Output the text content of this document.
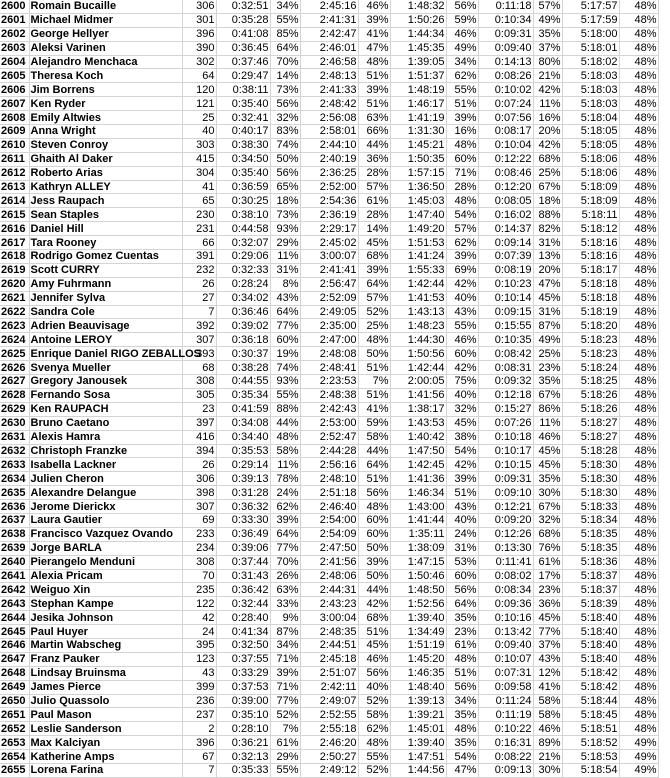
2600	Romain Bucaille	306	0:32:51	34%	2:45:16	46%	1:48:32	56%	0:11:18	57%	5:17:57	48%
2601	Michael Midmer	301	0:35:28	55%	2:41:31	39%	1:50:26	59%	0:10:34	49%	5:17:59	48%
2602	George Hellyer	396	0:41:08	85%	2:42:47	41%	1:44:34	46%	0:09:31	35%	5:18:00	48%
2603	Aleksi Varinen	390	0:36:45	64%	2:46:01	47%	1:45:35	49%	0:09:40	37%	5:18:01	48%
2604	Alejandro Menchaca	302	0:37:46	70%	2:46:58	48%	1:39:05	34%	0:14:13	80%	5:18:02	48%
2605	Theresa Koch	64	0:29:47	14%	2:48:13	51%	1:51:37	62%	0:08:26	21%	5:18:03	48%
2606	Jim Borrens	120	0:38:11	73%	2:41:33	39%	1:48:19	55%	0:10:02	42%	5:18:03	48%
2607	Ken Ryder	121	0:35:40	56%	2:48:42	51%	1:46:17	51%	0:07:24	11%	5:18:03	48%
2608	Emily Altwies	25	0:32:41	32%	2:56:08	63%	1:41:19	39%	0:07:56	16%	5:18:04	48%
2609	Anna Wright	40	0:40:17	83%	2:58:01	66%	1:31:30	16%	0:08:17	20%	5:18:05	48%
2610	Steven Conroy	303	0:38:30	74%	2:44:10	44%	1:45:21	48%	0:10:04	42%	5:18:05	48%
2611	Ghaith Al Daker	415	0:34:50	50%	2:40:19	36%	1:50:35	60%	0:12:22	68%	5:18:06	48%
2612	Roberto Arias	304	0:35:40	56%	2:36:25	28%	1:57:15	71%	0:08:46	25%	5:18:06	48%
2613	Kathryn ALLEY	41	0:36:59	65%	2:52:00	57%	1:36:50	28%	0:12:20	67%	5:18:09	48%
2614	Jess Raupach	65	0:30:25	18%	2:54:36	61%	1:45:03	48%	0:08:05	18%	5:18:09	48%
2615	Sean Staples	230	0:38:10	73%	2:36:19	28%	1:47:40	54%	0:16:02	88%	5:18:11	48%
2616	Daniel Hill	231	0:44:58	93%	2:29:17	14%	1:49:20	57%	0:14:37	82%	5:18:12	48%
2617	Tara Rooney	66	0:32:07	29%	2:45:02	45%	1:51:53	62%	0:09:14	31%	5:18:16	48%
2618	Rodrigo Gomez Cuentas	391	0:29:06	11%	3:00:07	68%	1:41:24	39%	0:07:39	13%	5:18:16	48%
2619	Scott CURRY	232	0:32:33	31%	2:41:41	39%	1:55:33	69%	0:08:19	20%	5:18:17	48%
2620	Amy Fuhrmann	26	0:28:24	8%	2:56:47	64%	1:42:44	42%	0:10:23	47%	5:18:18	48%
2621	Jennifer Sylva	27	0:34:02	43%	2:52:09	57%	1:41:53	40%	0:10:14	45%	5:18:18	48%
2622	Sandra Cole	7	0:36:46	64%	2:49:05	52%	1:43:13	43%	0:09:15	31%	5:18:19	48%
2623	Adrien Beauvisage	392	0:39:02	77%	2:35:00	25%	1:48:23	55%	0:15:55	87%	5:18:20	48%
2624	Antoine LEROY	307	0:36:18	60%	2:47:00	48%	1:44:30	46%	0:10:35	49%	5:18:23	48%
2625	Enrique Daniel RIGO ZEBALLOS	393	0:30:37	19%	2:48:08	50%	1:50:56	60%	0:08:42	25%	5:18:23	48%
2626	Svenya Mueller	68	0:38:28	74%	2:48:41	51%	1:42:44	42%	0:08:31	23%	5:18:24	48%
2627	Gregory Janousek	308	0:44:55	93%	2:23:53	7%	2:00:05	75%	0:09:32	35%	5:18:25	48%
2628	Fernando Sosa	305	0:35:34	55%	2:48:38	51%	1:41:56	40%	0:12:18	67%	5:18:26	48%
2629	Ken RAUPACH	23	0:41:59	88%	2:42:43	41%	1:38:17	32%	0:15:27	86%	5:18:26	48%
2630	Bruno Caetano	397	0:34:08	44%	2:53:00	59%	1:43:53	45%	0:07:26	11%	5:18:27	48%
2631	Alexis Hamra	416	0:34:40	48%	2:52:47	58%	1:40:42	38%	0:10:18	46%	5:18:27	48%
2632	Christoph Franzke	394	0:35:53	58%	2:44:28	44%	1:47:50	54%	0:10:17	45%	5:18:28	48%
2633	Isabella Lackner	26	0:29:14	11%	2:56:16	64%	1:42:45	42%	0:10:15	45%	5:18:30	48%
2634	Julien Cheron	306	0:39:13	78%	2:48:10	51%	1:41:36	39%	0:09:31	35%	5:18:30	48%
2635	Alexandre Delangue	398	0:31:28	24%	2:51:18	56%	1:46:34	51%	0:09:10	30%	5:18:30	48%
2636	Jerome Dierickx	307	0:36:32	62%	2:46:40	48%	1:43:00	43%	0:12:21	67%	5:18:33	48%
2637	Laura Gautier	69	0:33:30	39%	2:54:00	60%	1:41:44	40%	0:09:20	32%	5:18:34	48%
2638	Francisco Vazquez Ovando	233	0:36:49	64%	2:54:09	60%	1:35:11	24%	0:12:26	68%	5:18:35	48%
2639	Jorge BARLA	234	0:39:06	77%	2:47:50	50%	1:38:09	31%	0:13:30	76%	5:18:35	48%
2640	Pierangelo Menduni	308	0:37:44	70%	2:41:56	39%	1:47:15	53%	0:11:41	61%	5:18:36	48%
2641	Alexia Pricam	70	0:31:43	26%	2:48:06	50%	1:50:46	60%	0:08:02	17%	5:18:37	48%
2642	Weiguo Xin	235	0:36:42	63%	2:44:31	44%	1:48:50	56%	0:08:34	23%	5:18:37	48%
2643	Stephan Kampe	122	0:32:44	33%	2:43:23	42%	1:52:56	64%	0:09:36	36%	5:18:39	48%
2644	Jesika Johnson	42	0:28:40	9%	3:00:04	68%	1:39:40	35%	0:10:16	45%	5:18:40	48%
2645	Paul Huyer	24	0:41:34	87%	2:48:35	51%	1:34:49	23%	0:13:42	77%	5:18:40	48%
2646	Martin Wabscheg	395	0:32:50	34%	2:44:51	45%	1:51:19	61%	0:09:40	37%	5:18:40	48%
2647	Franz Pauker	123	0:37:55	71%	2:45:18	46%	1:45:20	48%	0:10:07	43%	5:18:40	48%
2648	Lindsay Bruinsma	43	0:33:29	39%	2:51:07	56%	1:46:35	51%	0:07:31	12%	5:18:42	48%
2649	James Pierce	399	0:37:53	71%	2:42:11	40%	1:48:40	56%	0:09:58	41%	5:18:42	48%
2650	Julio Quassolo	236	0:39:00	77%	2:49:07	52%	1:39:13	34%	0:11:24	58%	5:18:44	48%
2651	Paul Mason	237	0:35:10	52%	2:52:55	58%	1:39:21	35%	0:11:19	58%	5:18:45	48%
2652	Leslie Sanderson	2	0:28:10	7%	2:55:18	62%	1:45:01	48%	0:10:22	46%	5:18:51	48%
2653	Max Kalciyan	396	0:36:21	61%	2:46:20	48%	1:39:40	35%	0:16:31	89%	5:18:52	49%
2654	Katherine Amps	67	0:32:13	29%	2:50:27	55%	1:47:51	54%	0:08:22	21%	5:18:53	49%
2655	Lorena Farina	7	0:35:33	55%	2:49:12	52%	1:44:56	47%	0:09:13	30%	5:18:54	49%
